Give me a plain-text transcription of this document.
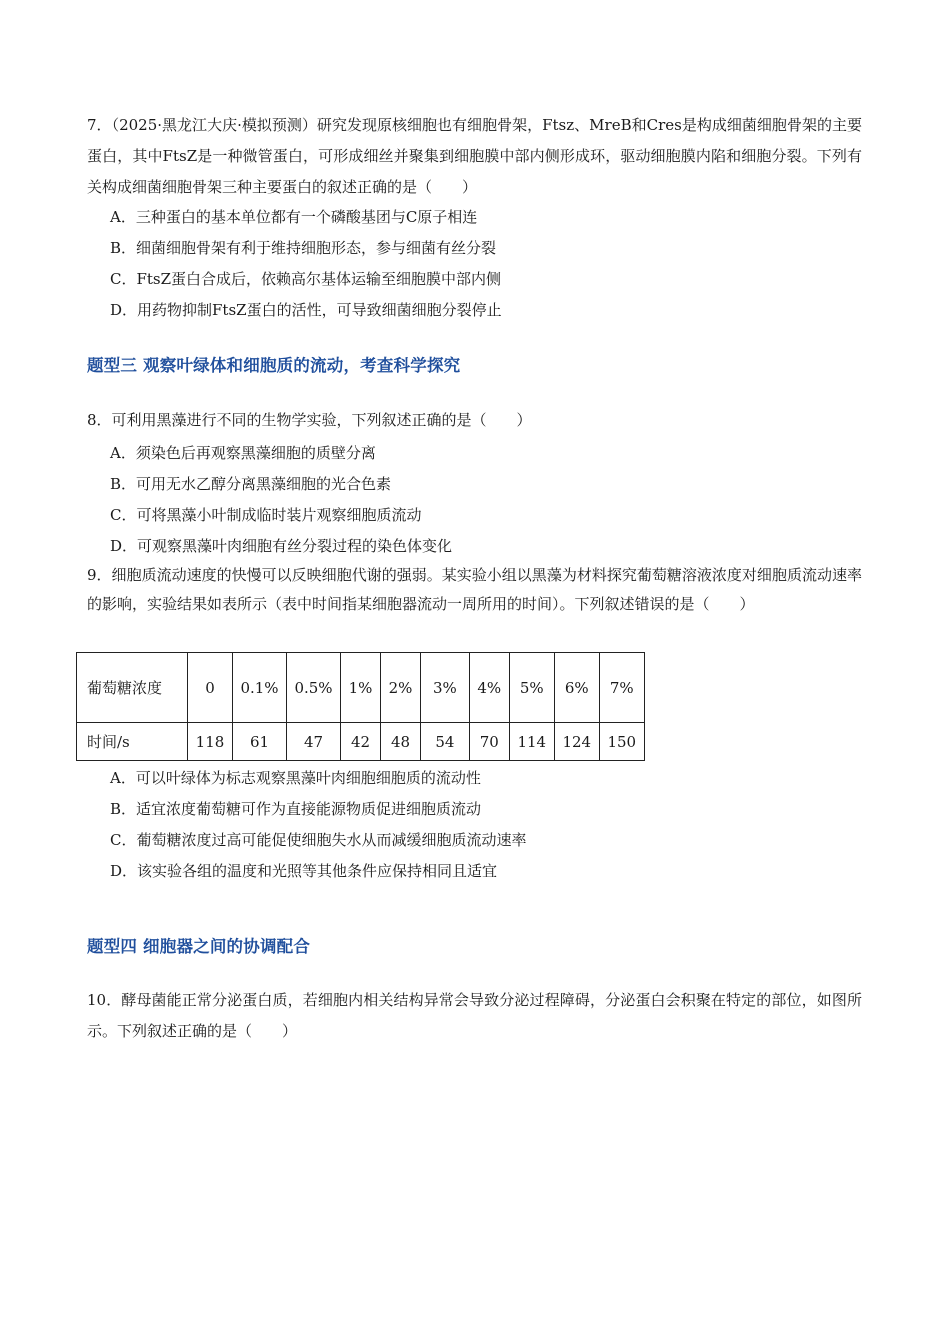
7．（2025·黑龙江大庆·模拟预测）研究发现原核细胞也有细胞骨架，Ftsz、MreB和Cres是构成细菌细胞骨架的主要蛋白，其中FtsZ是一种微管蛋白，可形成细丝并聚集到细胞膜中部内侧形成环，驱动细胞膜内陷和细胞分裂。下列有关构成细菌细胞骨架三种主要蛋白的叙述正确的是（　　）
A．三种蛋白的基本单位都有一个磷酸基团与C原子相连
B．细菌细胞骨架有利于维持细胞形态，参与细菌有丝分裂
C．FtsZ蛋白合成后，依赖高尔基体运输至细胞膜中部内侧
D．用药物抑制FtsZ蛋白的活性，可导致细菌细胞分裂停止
题型三 观察叶绿体和细胞质的流动，考查科学探究
8．可利用黑藻进行不同的生物学实验，下列叙述正确的是（　　）
A．须染色后再观察黑藻细胞的质壁分离
B．可用无水乙醇分离黑藻细胞的光合色素
C．可将黑藻小叶制成临时装片观察细胞质流动
D．可观察黑藻叶肉细胞有丝分裂过程的染色体变化
9．细胞质流动速度的快慢可以反映细胞代谢的强弱。某实验小组以黑藻为材料探究葡萄糖溶液浓度对细胞质流动速率的影响，实验结果如表所示（表中时间指某细胞器流动一周所用的时间）。下列叙述错误的是（　　）
葡萄糖浓度	0	0.1%	0.5%	1%	2%	3%	4%	5%	6%	7%
时间/s	118	61	47	42	48	54	70	114	124	150
A．可以叶绿体为标志观察黑藻叶肉细胞细胞质的流动性
B．适宜浓度葡萄糖可作为直接能源物质促进细胞质流动
C．葡萄糖浓度过高可能促使细胞失水从而减缓细胞质流动速率
D．该实验各组的温度和光照等其他条件应保持相同且适宜
题型四 细胞器之间的协调配合
10．酵母菌能正常分泌蛋白质，若细胞内相关结构异常会导致分泌过程障碍，分泌蛋白会积聚在特定的部位，如图所示。下列叙述正确的是（　　）
